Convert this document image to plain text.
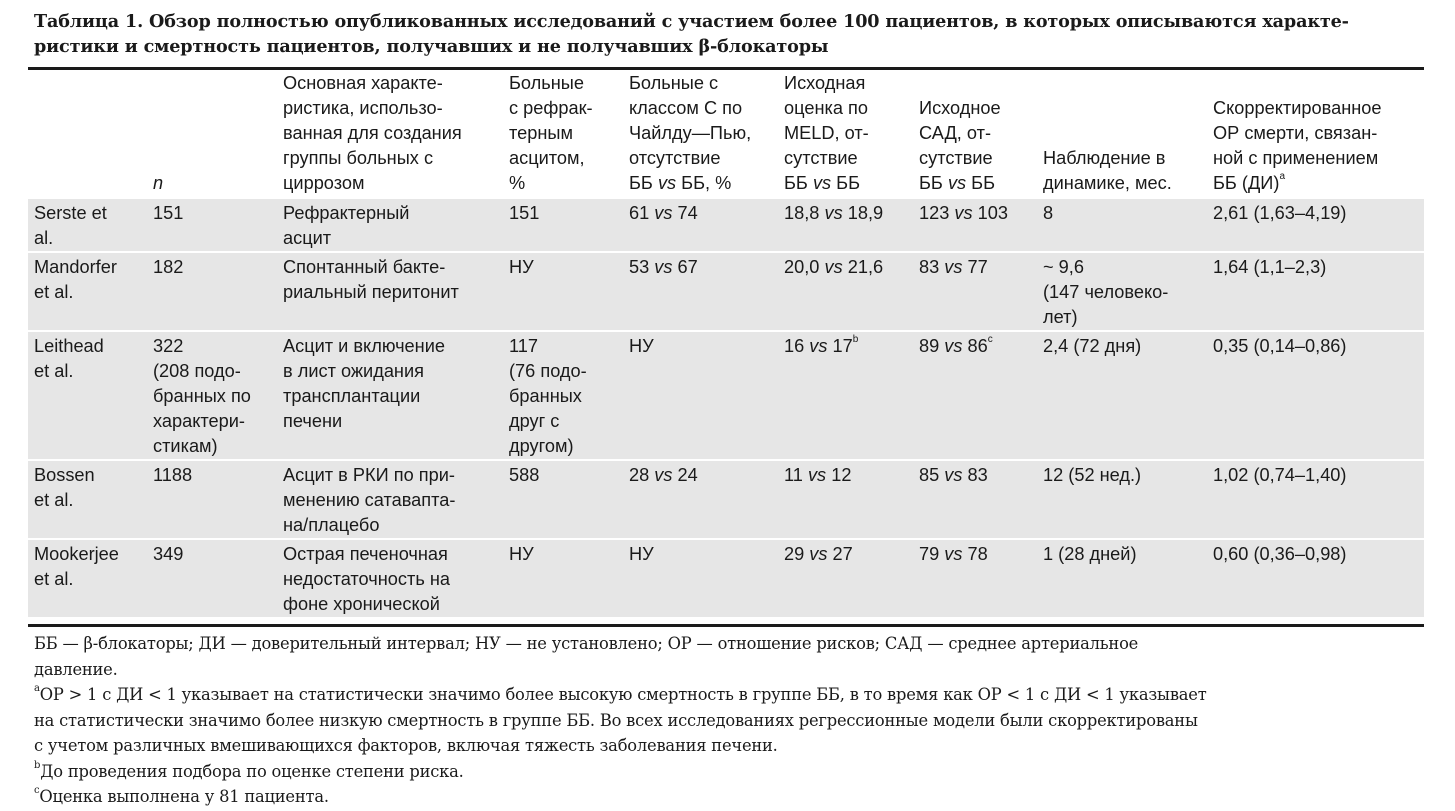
Таблица 1. Обзор полностью опубликованных исследований с участием более 100 пациентов, в которых описываются характе-
ристики и смертность пациентов, получавших и не получавших β-блокаторы
	n	Основная характе-
ристика, использо-
ванная для создания
группы больных с
циррозом	Больные
с рефрак-
терным
асцитом,
%	Больные с
классом С по
Чайлду—Пью,
отсутствие
ББ vs ББ, %	Исходная
оценка по
MELD, от-
сутствие
ББ vs ББ	Исходное
САД, от-
сутствие
ББ vs ББ	Наблюдение в
динамике, мес.	Скорректированное
ОР смерти, связан-
ной с применением
ББ (ДИ)$^a$
Serste et
al.	151	Рефрактерный
асцит	151	61 vs 74	18,8 vs 18,9	123 vs 103	8	2,61 (1,63–4,19)
Mandorfer
et al.	182	Спонтанный бакте-
риальный перитонит	НУ	53 vs 67	20,0 vs 21,6	83 vs 77	~ 9,6
(147 человеко-
лет)	1,64 (1,1–2,3)
Leithead
et al.	322
(208 подо-
бранных по
характери-
стикам)	Асцит и включение
в лист ожидания
трансплантации
печени	117
(76 подо-
бранных
друг с
другом)	НУ	16 vs 17$^b$	89 vs 86$^c$	2,4 (72 дня)	0,35 (0,14–0,86)
Bossen
et al.	1188	Асцит в РКИ по при-
менению сатавапта-
на/плацебо	588	28 vs 24	11 vs 12	85 vs 83	12 (52 нед.)	1,02 (0,74–1,40)
Mookerjee
et al.	349	Острая печеночная
недостаточность на
фоне хронической	НУ	НУ	29 vs 27	79 vs 78	1 (28 дней)	0,60 (0,36–0,98)

ББ — β-блокаторы; ДИ — доверительный интервал; НУ — не установлено; ОР — отношение рисков; САД — среднее артериальное
давление.

$^a$ОР > 1 с ДИ < 1 указывает на статистически значимо более высокую смертность в группе ББ, в то время как ОР < 1 с ДИ < 1 указывает
на статистически значимо более низкую смертность в группе ББ. Во всех исследованиях регрессионные модели были скорректированы
с учетом различных вмешивающихся факторов, включая тяжесть заболевания печени.

$^b$До проведения подбора по оценке степени риска.

$^c$Оценка выполнена у 81 пациента.
